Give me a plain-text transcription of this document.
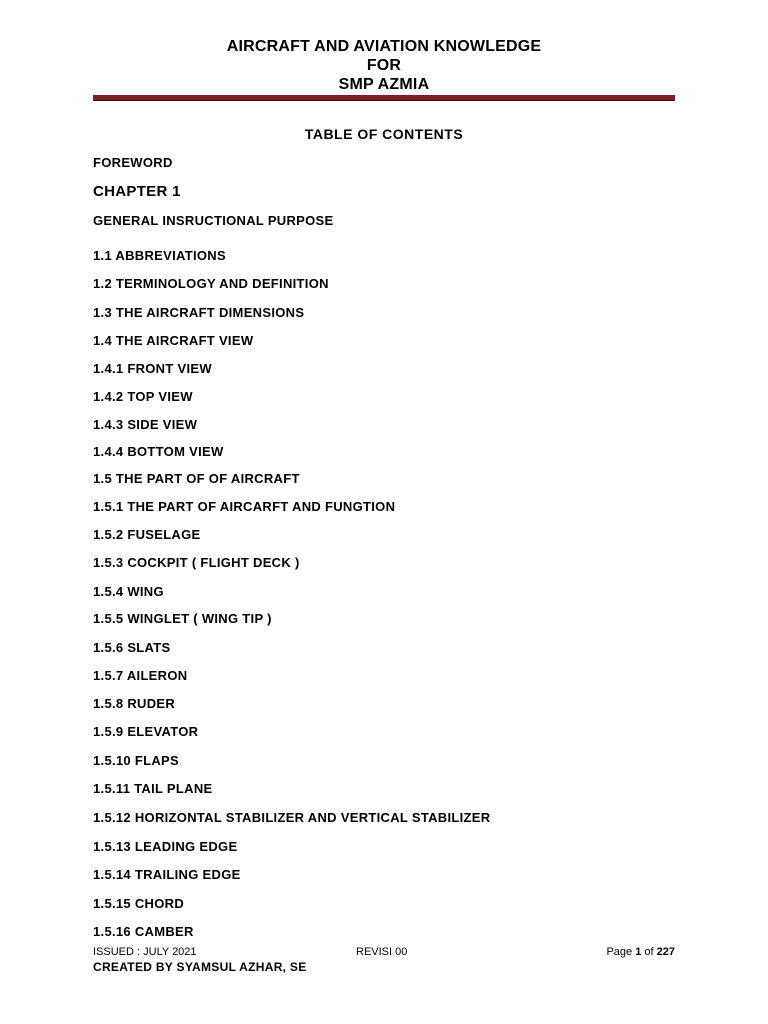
AIRCRAFT AND AVIATION KNOWLEDGE
FOR
SMP AZMIA
TABLE OF CONTENTS
FOREWORD
CHAPTER 1
GENERAL INSRUCTIONAL PURPOSE
1.1 ABBREVIATIONS
1.2 TERMINOLOGY AND DEFINITION
1.3 THE AIRCRAFT DIMENSIONS
1.4 THE AIRCRAFT VIEW
1.4.1 FRONT VIEW
1.4.2 TOP VIEW
1.4.3 SIDE VIEW
1.4.4 BOTTOM VIEW
1.5 THE PART OF OF AIRCRAFT
1.5.1 THE PART OF AIRCARFT AND FUNGTION
1.5.2 FUSELAGE
1.5.3 COCKPIT ( FLIGHT DECK )
1.5.4 WING
1.5.5 WINGLET ( WING TIP )
1.5.6 SLATS
1.5.7 AILERON
1.5.8 RUDER
1.5.9 ELEVATOR
1.5.10 FLAPS
1.5.11 TAIL PLANE
1.5.12 HORIZONTAL STABILIZER AND VERTICAL STABILIZER
1.5.13 LEADING EDGE
1.5.14 TRAILING EDGE
1.5.15 CHORD
1.5.16 CAMBER
ISSUED : JULY 2021	REVISI 00	Page 1 of 227
CREATED BY SYAMSUL AZHAR, SE
